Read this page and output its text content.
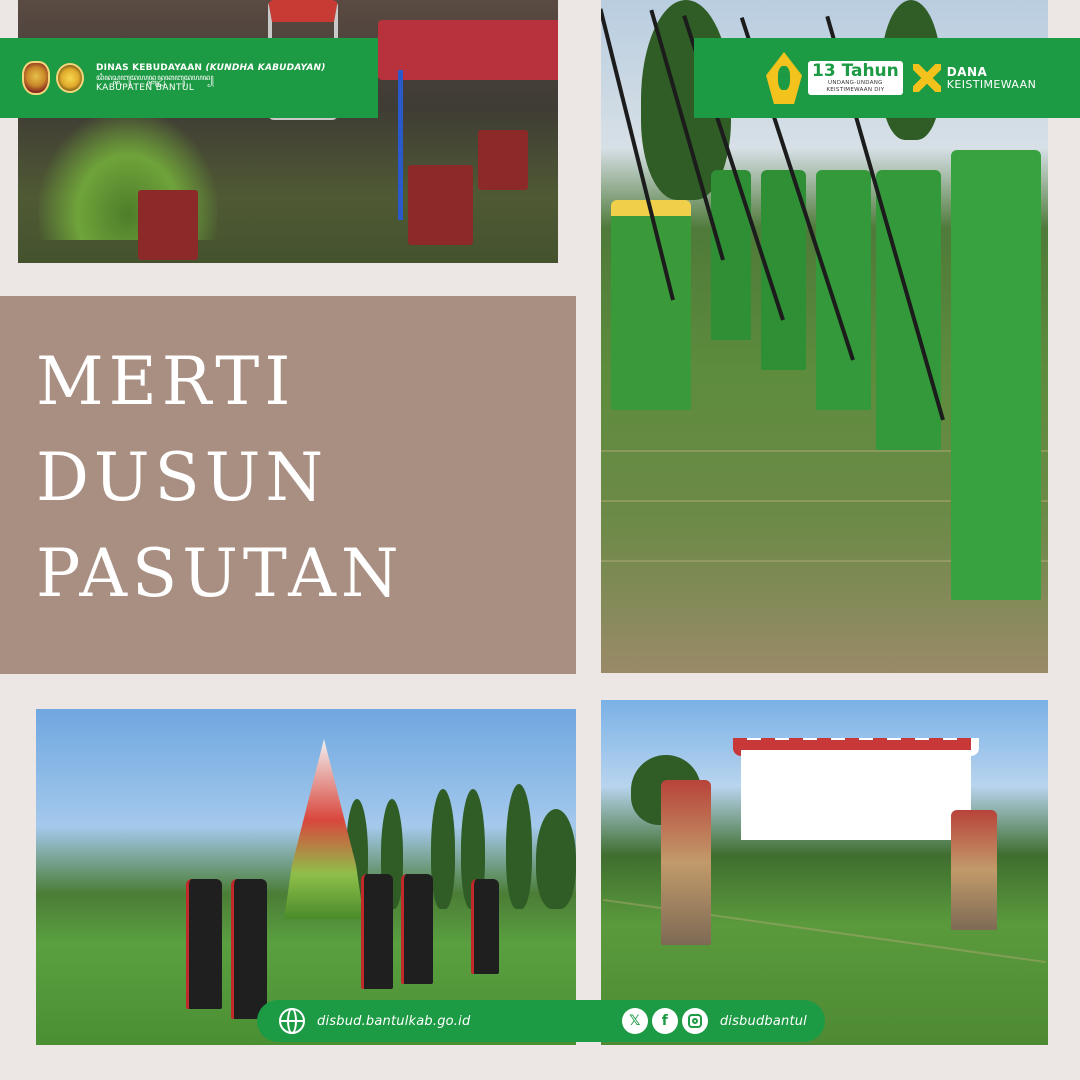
DINAS KEBUDAYAAN (KUNDHA KABUDAYAN)
ꦢꦶꦤꦱ꧀ꦏꦧꦸꦢꦪꦤ꧀ꦏꦸꦤ꧀ꦝꦏꦧꦸꦢꦪꦤ꧀
KABUPATEN BANTUL
13 Tahun
UNDANG-UNDANG
KEISTIMEWAAN DIY
DANA
KEISTIMEWAAN
MERTI
DUSUN
PASUTAN
disbud.bantulkab.go.id	𝕏	f	disbudbantul
